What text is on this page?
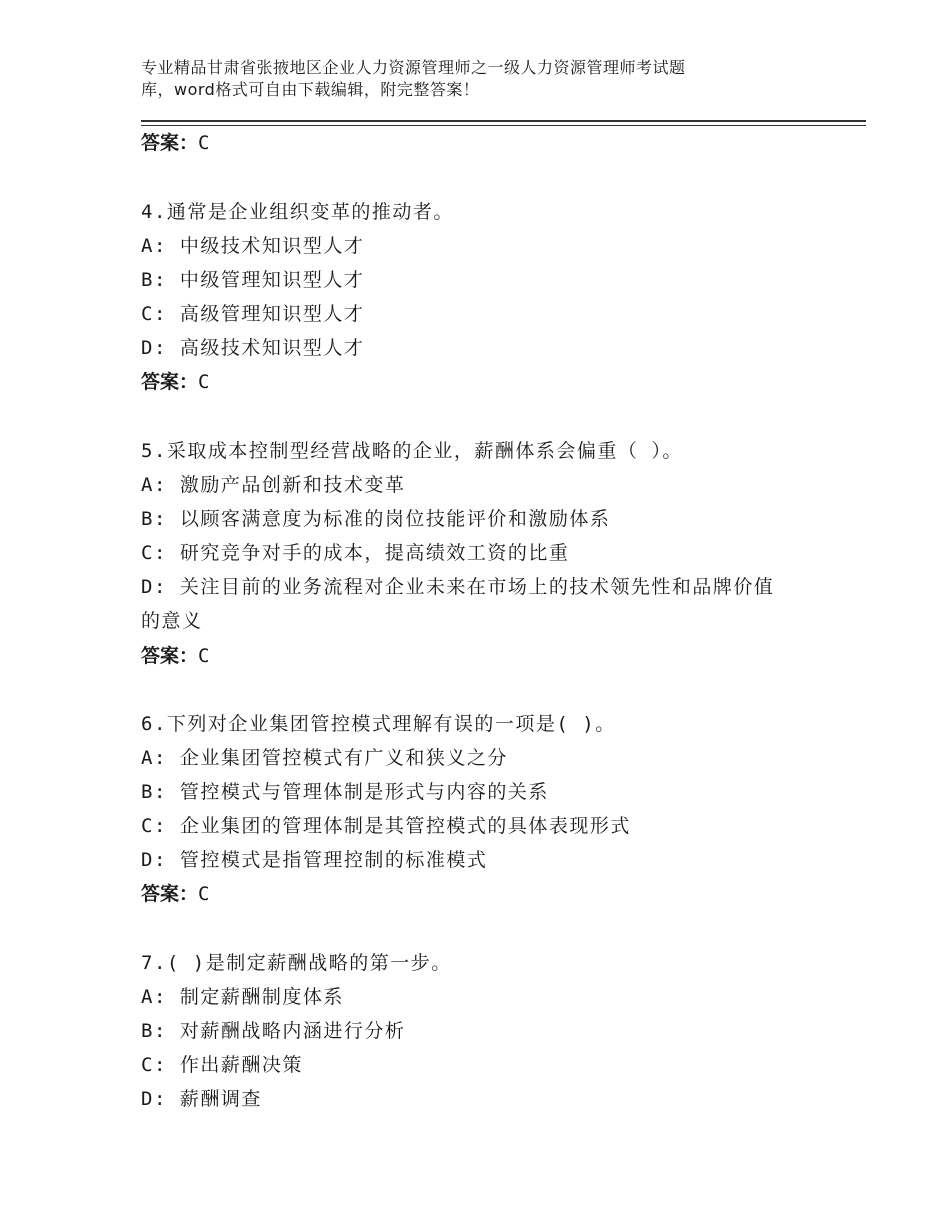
专业精品甘肃省张掖地区企业人力资源管理师之一级人力资源管理师考试题
库，word格式可自由下载编辑，附完整答案！
答案：C
4.通常是企业组织变革的推动者。
A: 中级技术知识型人才
B: 中级管理知识型人才
C: 高级管理知识型人才
D: 高级技术知识型人才
答案：C
5.采取成本控制型经营战略的企业，薪酬体系会偏重（ ）。
A: 激励产品创新和技术变革
B: 以顾客满意度为标准的岗位技能评价和激励体系
C: 研究竞争对手的成本，提高绩效工资的比重
D: 关注目前的业务流程对企业未来在市场上的技术领先性和品牌价值
的意义
答案：C
6.下列对企业集团管控模式理解有误的一项是( )。
A: 企业集团管控模式有广义和狭义之分
B: 管控模式与管理体制是形式与内容的关系
C: 企业集团的管理体制是其管控模式的具体表现形式
D: 管控模式是指管理控制的标准模式
答案：C
7.( )是制定薪酬战略的第一步。
A: 制定薪酬制度体系
B: 对薪酬战略内涵进行分析
C: 作出薪酬决策
D: 薪酬调查
